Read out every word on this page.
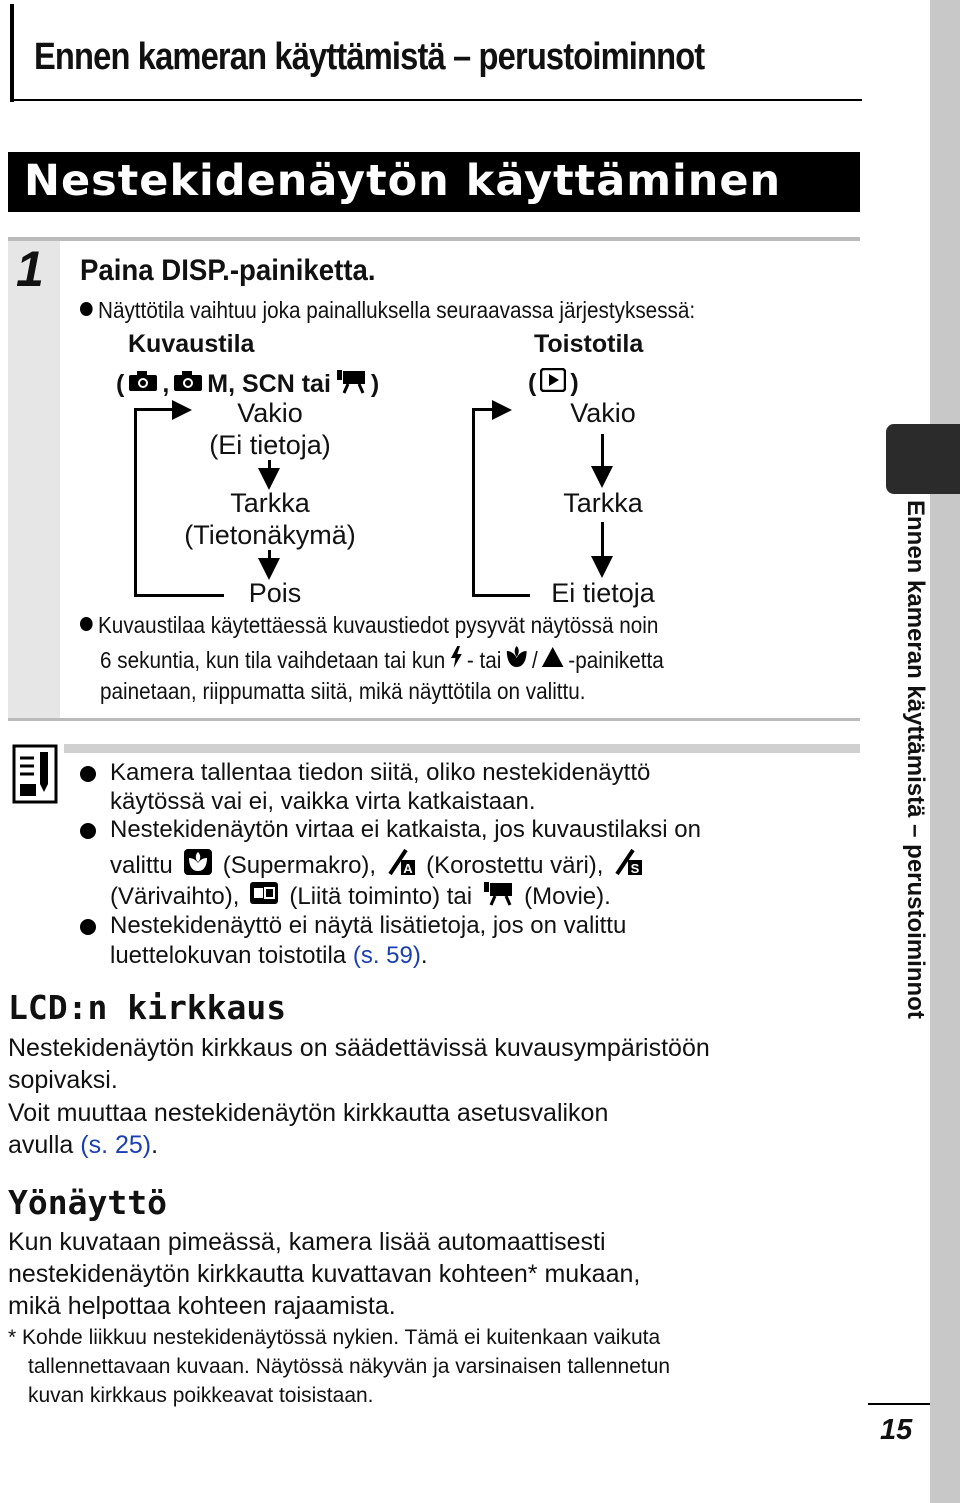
Ennen kameran käyttämistä – perustoiminnot
Nestekidenäytön käyttäminen
1 Paina DISP.-painiketta.
Näyttötila vaihtuu joka painalluksella seuraavassa järjestyksessä:
Kuvaustila	Toistotila
( , M, SCN tai )	( )
Vakio
(Ei tietoja)
Tarkka
(Tietonäkymä)
Pois
Vakio
Tarkka
Ei tietoja
Kuvaustilaa käytettäessä kuvaustiedot pysyvät näytössä noin
6 sekuntia, kun tila vaihdetaan tai kun - tai / -painiketta
painetaan, riippumatta siitä, mikä näyttötila on valittu.
Kamera tallentaa tiedon siitä, oliko nestekidenäyttö
käytössä vai ei, vaikka virta katkaistaan.
Nestekidenäytön virtaa ei katkaista, jos kuvaustilaksi on
valittu (Supermakro), A (Korostettu väri), S
(Värivaihto), (Liitä toiminto) tai (Movie).
Nestekidenäyttö ei näytä lisätietoja, jos on valittu
luettelokuvan toistotila (s. 59).
LCD:n kirkkaus
Nestekidenäytön kirkkaus on säädettävissä kuvausympäristöön
sopivaksi.
Voit muuttaa nestekidenäytön kirkkautta asetusvalikon
avulla (s. 25).
Yönäyttö
Kun kuvataan pimeässä, kamera lisää automaattisesti
nestekidenäytön kirkkautta kuvattavan kohteen* mukaan,
mikä helpottaa kohteen rajaamista.
* Kohde liikkuu nestekidenäytössä nykien. Tämä ei kuitenkaan vaikuta
tallennettavaan kuvaan. Näytössä näkyvän ja varsinaisen tallennetun
kuvan kirkkaus poikkeavat toisistaan.
Ennen kameran käyttämistä – perustoiminnot
15
